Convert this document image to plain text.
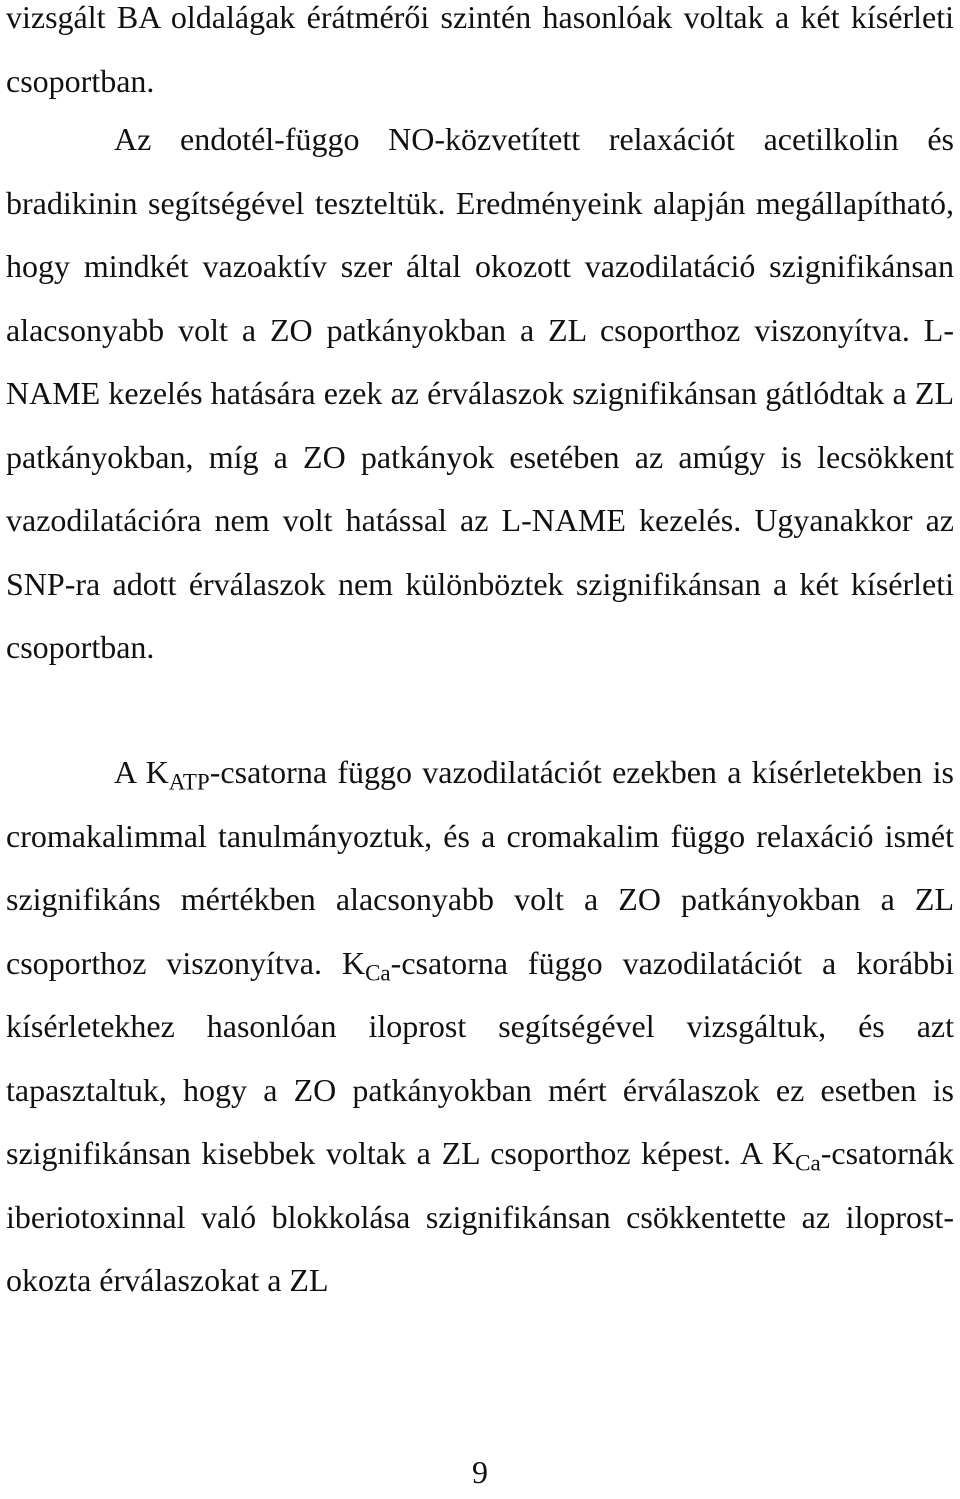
vizsgált BA oldalágak érátmérői szintén hasonlóak voltak a két kísérleti csoportban.

Az endotél-függo NO-közvetített relaxációt acetilkolin és bradikinin segítségével teszteltük. Eredményeink alapján megállapítható, hogy mindkét vazoaktív szer által okozott vazodilatáció szignifikánsan alacsonyabb volt a ZO patkányokban a ZL csoporthoz viszonyítva. L-NAME kezelés hatására ezek az érválaszok szignifikánsan gátlódtak a ZL patkányokban, míg a ZO patkányok esetében az amúgy is lecsökkent vazodilatációra nem volt hatással az L-NAME kezelés. Ugyanakkor az SNP-ra adott érválaszok nem különböztek szignifikánsan a két kísérleti csoportban.

A $K_{ATP}$-csatorna függo vazodilatációt ezekben a kísérletekben is cromakalimmal tanulmányoztuk, és a cromakalim függo relaxáció ismét szignifikáns mértékben alacsonyabb volt a ZO patkányokban a ZL csoporthoz viszonyítva. $K_{Ca}$-csatorna függo vazodilatációt a korábbi kísérletekhez hasonlóan iloprost segítségével vizsgáltuk, és azt tapasztaltuk, hogy a ZO patkányokban mért érválaszok ez esetben is szignifikánsan kisebbek voltak a ZL csoporthoz képest. A $K_{Ca}$-csatornák iberiotoxinnal való blokkolása szignifikánsan csökkentette az iloprost-okozta érválaszokat a ZL

9
